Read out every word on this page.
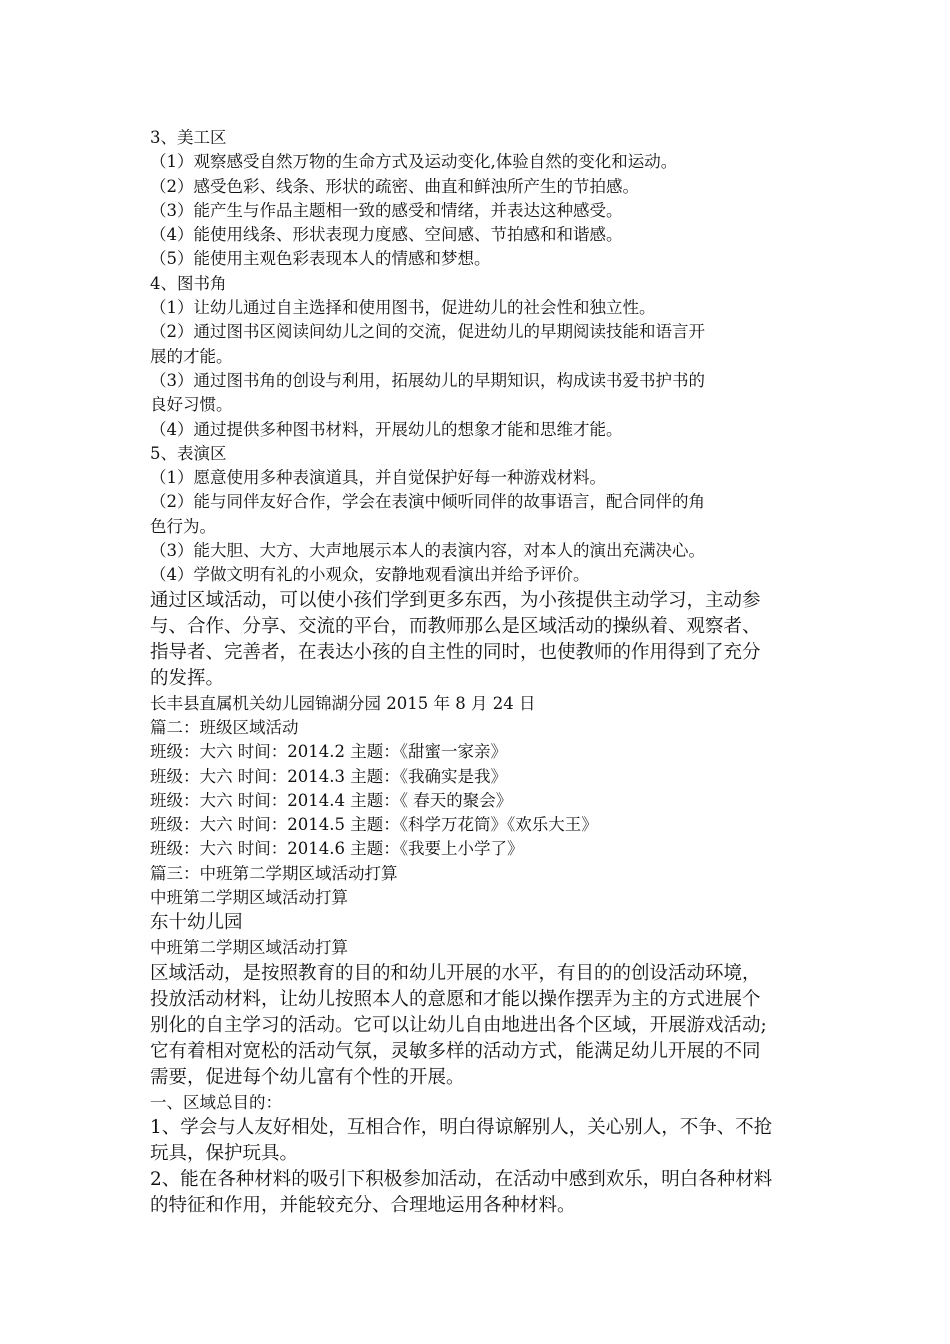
3、美工区
（1）观察感受自然万物的生命方式及运动变化,体验自然的变化和运动。
（2）感受色彩、线条、形状的疏密、曲直和鲜浊所产生的节拍感。
（3）能产生与作品主题相一致的感受和情绪，并表达这种感受。
（4）能使用线条、形状表现力度感、空间感、节拍感和和谐感。
（5）能使用主观色彩表现本人的情感和梦想。
4、图书角
（1）让幼儿通过自主选择和使用图书，促进幼儿的社会性和独立性。
（2）通过图书区阅读间幼儿之间的交流，促进幼儿的早期阅读技能和语言开
展的才能。
（3）通过图书角的创设与利用，拓展幼儿的早期知识，构成读书爱书护书的
良好习惯。
（4）通过提供多种图书材料，开展幼儿的想象才能和思维才能。
5、表演区
（1）愿意使用多种表演道具，并自觉保护好每一种游戏材料。
（2）能与同伴友好合作，学会在表演中倾听同伴的故事语言，配合同伴的角
色行为。
（3）能大胆、大方、大声地展示本人的表演内容，对本人的演出充满决心。
（4）学做文明有礼的小观众，安静地观看演出并给予评价。
通过区域活动，可以使小孩们学到更多东西，为小孩提供主动学习，主动参
与、合作、分享、交流的平台，而教师那么是区域活动的操纵着、观察者、
指导者、完善者，在表达小孩的自主性的同时，也使教师的作用得到了充分
的发挥。
长丰县直属机关幼儿园锦湖分园 2015 年 8 月 24 日
篇二：班级区域活动
班级：大六 时间：2014.2 主题：《甜蜜一家亲》
班级：大六 时间：2014.3 主题：《我确实是我》
班级：大六 时间：2014.4 主题：《 春天的聚会》
班级：大六 时间：2014.5 主题：《科学万花筒》《欢乐大王》
班级：大六 时间：2014.6 主题：《我要上小学了》
篇三：中班第二学期区域活动打算
中班第二学期区域活动打算
东十幼儿园
中班第二学期区域活动打算
区域活动，是按照教育的目的和幼儿开展的水平，有目的的创设活动环境，
投放活动材料，让幼儿按照本人的意愿和才能以操作摆弄为主的方式进展个
别化的自主学习的活动。它可以让幼儿自由地进出各个区域，开展游戏活动;
它有着相对宽松的活动气氛，灵敏多样的活动方式，能满足幼儿开展的不同
需要，促进每个幼儿富有个性的开展。
一、区域总目的：
1、学会与人友好相处，互相合作，明白得谅解别人，关心别人，不争、不抢
玩具，保护玩具。
2、能在各种材料的吸引下积极参加活动，在活动中感到欢乐，明白各种材料
的特征和作用，并能较充分、合理地运用各种材料。
